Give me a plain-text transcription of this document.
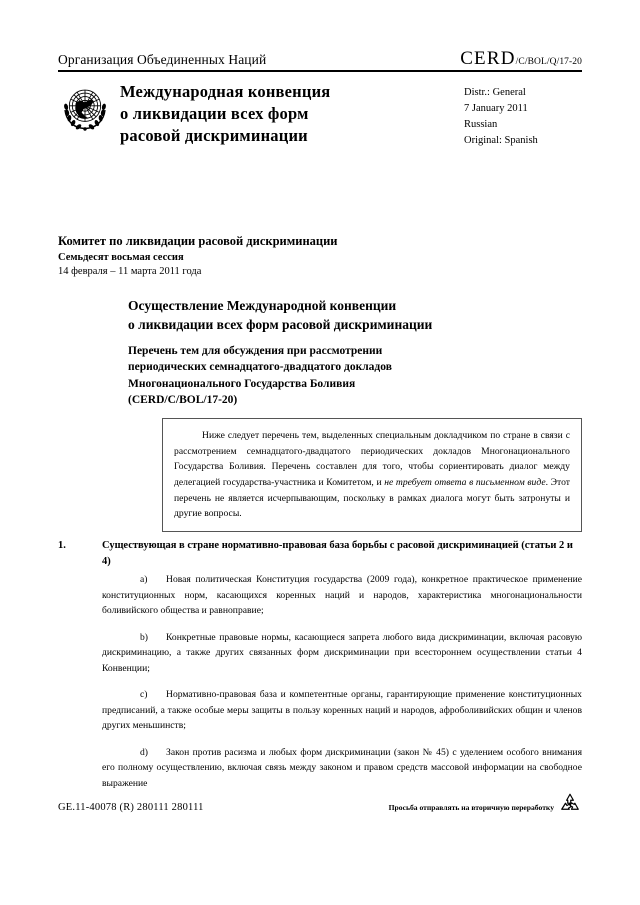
Организация Объединенных Наций	CERD/C/BOL/Q/17-20
Международная конвенция
о ликвидации всех форм
расовой дискриминации
Distr.: General
7 January 2011
Russian
Original: Spanish
Комитет по ликвидации расовой дискриминации
Семьдесят восьмая сессия
14 февраля – 11 марта 2011 года
Осуществление Международной конвенции
о ликвидации всех форм расовой дискриминации
Перечень тем для обсуждения при рассмотрении
периодических семнадцатого-двадцатого докладов
Многонационального Государства Боливия
(CERD/C/BOL/17-20)

Ниже следует перечень тем, выделенных специальным докладчиком по стране в связи с рассмотрением семнадцатого-двадцатого периодических докладов Многонационального Государства Боливия. Перечень составлен для того, чтобы сориентировать диалог между делегацией государства-участника и Комитетом, и не требует ответа в письменном виде. Этот перечень не является исчерпывающим, поскольку в рамках диалога могут быть затронуты и другие вопросы.

1.	Существующая в стране нормативно-правовая база борьбы с расовой дискриминацией (статьи 2 и 4)
a) Новая политическая Конституция государства (2009 года), конкретное практическое применение конституционных норм, касающихся коренных наций и народов, характеристика многонациональности боливийского общества и равноправие;
b) Конкретные правовые нормы, касающиеся запрета любого вида дискриминации, включая расовую дискриминацию, а также других связанных форм дискриминации при всестороннем осуществлении статьи 4 Конвенции;
c) Нормативно-правовая база и компетентные органы, гарантирующие применение конституционных предписаний, а также особые меры защиты в пользу коренных наций и народов, афроболивийских общин и членов других меньшинств;
d) Закон против расизма и любых форм дискриминации (закон № 45) с уделением особого внимания его полному осуществлению, включая связь между законом и правом средств массовой информации на свободное выражение
GE.11-40078 (R) 280111 280111	Просьба отправлять на вторичную переработку
